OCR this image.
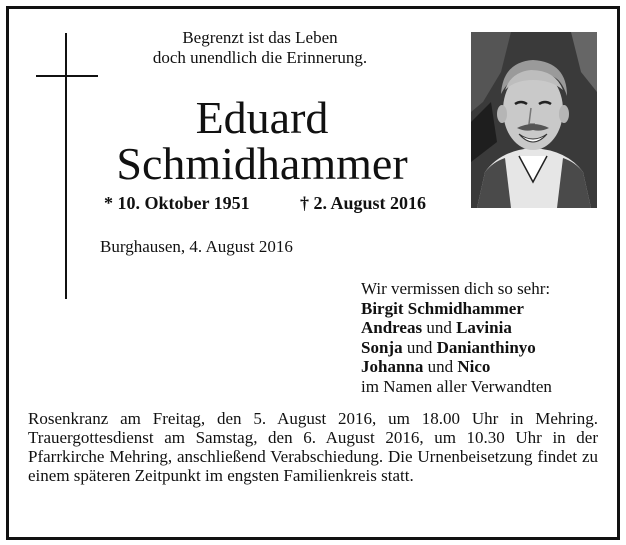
Begrenzt ist das Leben
doch unendlich die Erinnerung.
Eduard
Schmidhammer
* 10. Oktober 1951	† 2. August 2016
Burghausen, 4. August 2016
Wir vermissen dich so sehr:
Birgit Schmidhammer
Andreas und Lavinia
Sonja und Danianthinyo
Johanna und Nico
im Namen aller Verwandten
Rosenkranz am Freitag, den 5. August 2016, um 18.00 Uhr in Mehring. Trauergottesdienst am Samstag, den 6. August 2016, um 10.30 Uhr in der Pfarrkirche Mehring, anschließend Verabschiedung. Die Urnenbeisetzung findet zu einem späteren Zeitpunkt im engsten Familienkreis statt.
